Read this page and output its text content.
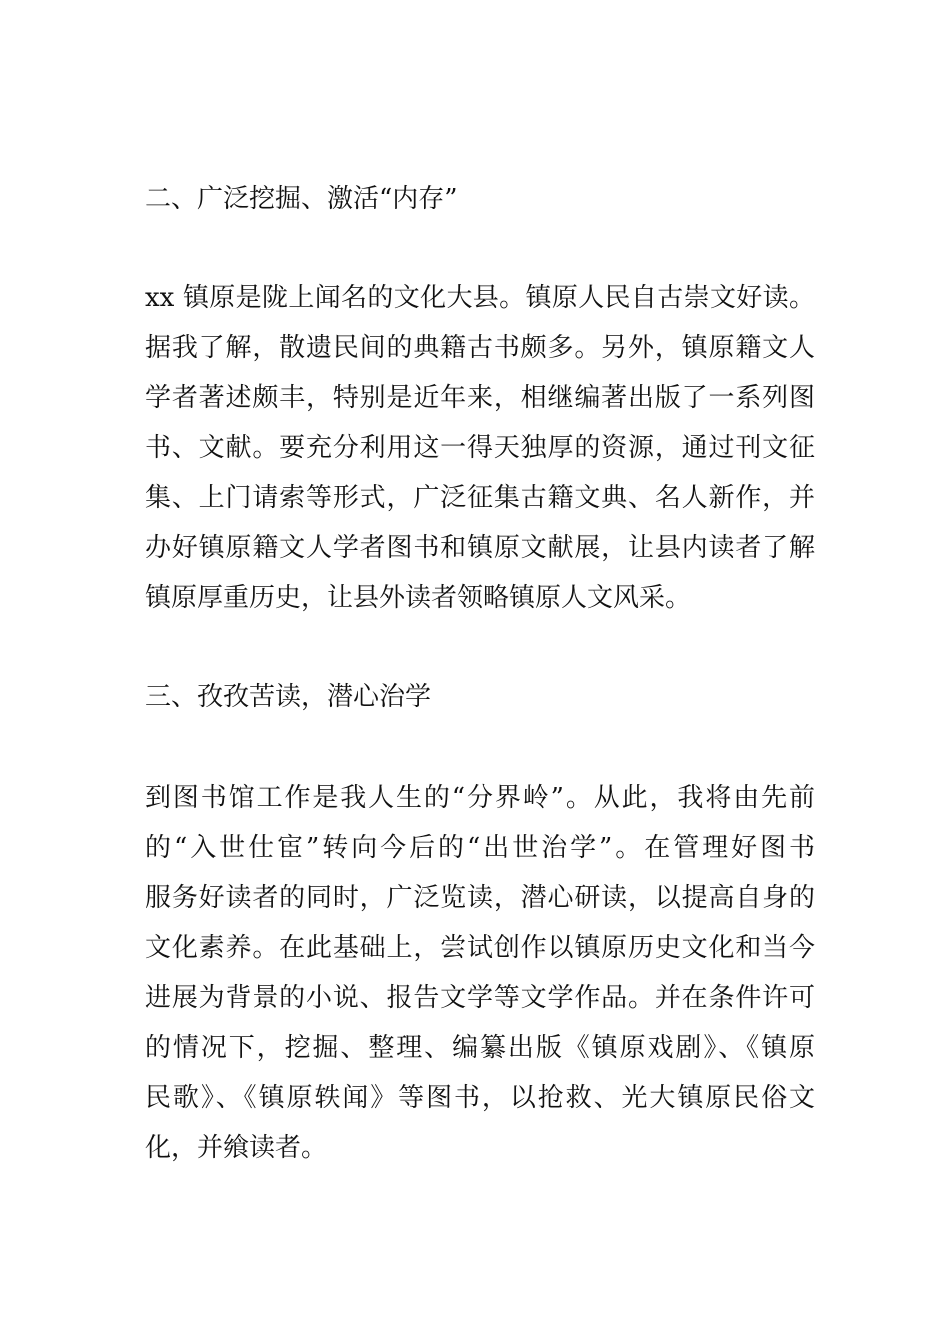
二、广泛挖掘、激活“内存”
xx 镇原是陇上闻名的文化大县。镇原人民自古崇文好读。
据我了解，散遗民间的典籍古书颇多。另外，镇原籍文人
学者著述颇丰，特别是近年来，相继编著出版了一系列图
书、文献。要充分利用这一得天独厚的资源，通过刊文征
集、上门请索等形式，广泛征集古籍文典、名人新作，并
办好镇原籍文人学者图书和镇原文献展，让县内读者了解
镇原厚重历史，让县外读者领略镇原人文风采。
三、孜孜苦读，潜心治学
到图书馆工作是我人生的“分界岭”。从此，我将由先前
的“入世仕宦”转向今后的“出世治学”。在管理好图书
服务好读者的同时，广泛览读，潜心研读，以提高自身的
文化素养。在此基础上，尝试创作以镇原历史文化和当今
进展为背景的小说、报告文学等文学作品。并在条件许可
的情况下，挖掘、整理、编纂出版《镇原戏剧》、《镇原
民歌》、《镇原轶闻》等图书，以抢救、光大镇原民俗文
化，并飨读者。
